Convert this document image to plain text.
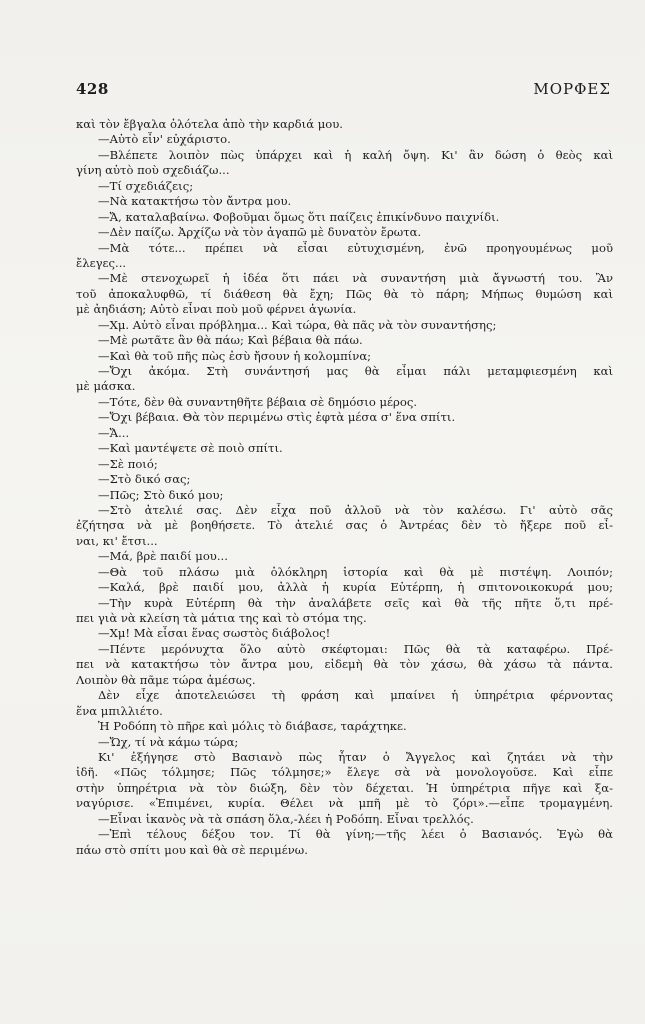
428	ΜΟΡΦΕΣ
καὶ τὸν ἔβγαλα ὁλότελα ἀπὸ τὴν καρδιά μου.
—Αὐτὸ εἶν' εὐχάριστο.
—Βλέπετε λοιπὸν πὼς ὑπάρχει καὶ ἡ καλή ὄψη. Κι' ἂν δώση ὁ θεὸς καὶ
γίνη αὐτὸ ποὺ σχεδιάζω...
—Τί σχεδιάζεις;
—Νὰ κατακτήσω τὸν ἄντρα μου.
—Ἄ, καταλαβαίνω. Φοβοῦμαι ὅμως ὅτι παίζεις ἐπικίνδυνο παιχνίδι.
—Δὲν παίζω. Ἀρχίζω νὰ τὸν ἀγαπῶ μὲ δυνατὸν ἔρωτα.
—Μὰ τότε... πρέπει νὰ εἶσαι εὐτυχισμένη, ἐνῶ προηγουμένως μοῦ
ἔλεγες...
—Μὲ στενοχωρεῖ ἡ ἰδέα ὅτι πάει νὰ συναντήση μιὰ ἄγνωστή του. Ἂν
τοῦ ἀποκαλυφθῶ, τί διάθεση θὰ ἔχη; Πῶς θὰ τὸ πάρη; Μήπως θυμώση καὶ
μὲ ἀηδιάση; Αὐτὸ εἶναι ποὺ μοῦ φέρνει ἀγωνία.
—Χμ. Αὐτὸ εἶναι πρόβλημα... Καὶ τώρα, θὰ πᾶς νὰ τὸν συναντήσης;
—Μὲ ρωτᾶτε ἂν θὰ πάω; Καὶ βέβαια θὰ πάω.
—Καὶ θὰ τοῦ πῆς πὼς ἐσὺ ἤσουν ἡ κολομπίνα;
—Ὄχι ἀκόμα. Στὴ συνάντησή μας θὰ εἶμαι πάλι μεταμφιεσμένη καὶ
μὲ μάσκα.
—Τότε, δὲν θὰ συναντηθῆτε βέβαια σὲ δημόσιο μέρος.
—Ὄχι βέβαια. Θὰ τὸν περιμένω στὶς ἑφτὰ μέσα σ' ἕνα σπίτι.
—Ἄ...
—Καὶ μαντέψετε σὲ ποιὸ σπίτι.
—Σὲ ποιό;
—Στὸ δικό σας;
—Πῶς; Στὸ δικό μου;
—Στὸ ἀτελιέ σας. Δὲν εἶχα ποῦ ἀλλοῦ νὰ τὸν καλέσω. Γι' αὐτὸ σᾶς
ἐζήτησα νὰ μὲ βοηθήσετε. Τὸ ἀτελιέ σας ὁ Ἀντρέας δὲν τὸ ἤξερε ποῦ εἶ-
ναι, κι' ἔτσι...
—Μά, βρὲ παιδί μου...
—Θὰ τοῦ πλάσω μιὰ ὁλόκληρη ἱστορία καὶ θὰ μὲ πιστέψη. Λοιπόν;
—Καλά, βρὲ παιδί μου, ἀλλὰ ἡ κυρία Εὐτέρπη, ἡ σπιτονοικοκυρά μου;
—Τὴν κυρὰ Εὐτέρπη θὰ τὴν ἀναλάβετε σεῖς καὶ θὰ τῆς πῆτε ὅ,τι πρέ-
πει γιὰ νὰ κλείση τὰ μάτια της καὶ τὸ στόμα της.
—Χμ! Μὰ εἶσαι ἕνας σωστὸς διάβολος!
—Πέντε μερόνυχτα ὅλο αὐτὸ σκέφτομαι: Πῶς θὰ τὰ καταφέρω. Πρέ-
πει νὰ κατακτήσω τὸν ἄντρα μου, εἰδεμὴ θὰ τὸν χάσω, θὰ χάσω τὰ πάντα.
Λοιπὸν θὰ πᾶμε τώρα ἀμέσως.
Δὲν εἶχε ἀποτελειώσει τὴ φράση καὶ μπαίνει ἡ ὑπηρέτρια φέρνοντας
ἕνα μπιλλιέτο.
Ἡ Ροδόπη τὸ πῆρε καὶ μόλις τὸ διάβασε, ταράχτηκε.
—Ὤχ, τί νὰ κάμω τώρα;
Κι' ἐξήγησε στὸ Βασιανὸ πὼς ἦταν ὁ Ἄγγελος καὶ ζητάει νὰ τὴν
ἰδῆ. «Πῶς τόλμησε; Πῶς τόλμησε;» ἔλεγε σὰ νὰ μονολογοῦσε. Καὶ εἶπε
στὴν ὑπηρέτρια νὰ τὸν διώξη, δὲν τὸν δέχεται. Ἡ ὑπηρέτρια πῆγε καὶ ξα-
ναγύρισε. «Ἐπιμένει, κυρία. Θέλει νὰ μπῆ μὲ τὸ ζόρι».—εἶπε τρομαγμένη.
—Εἶναι ἱκανὸς νὰ τὰ σπάση ὅλα,-λέει ἡ Ροδόπη. Εἶναι τρελλός.
—Ἐπὶ τέλους δέξου τον. Τί θὰ γίνη;—τῆς λέει ὁ Βασιανός. Ἐγὼ θὰ
πάω στὸ σπίτι μου καὶ θὰ σὲ περιμένω.
